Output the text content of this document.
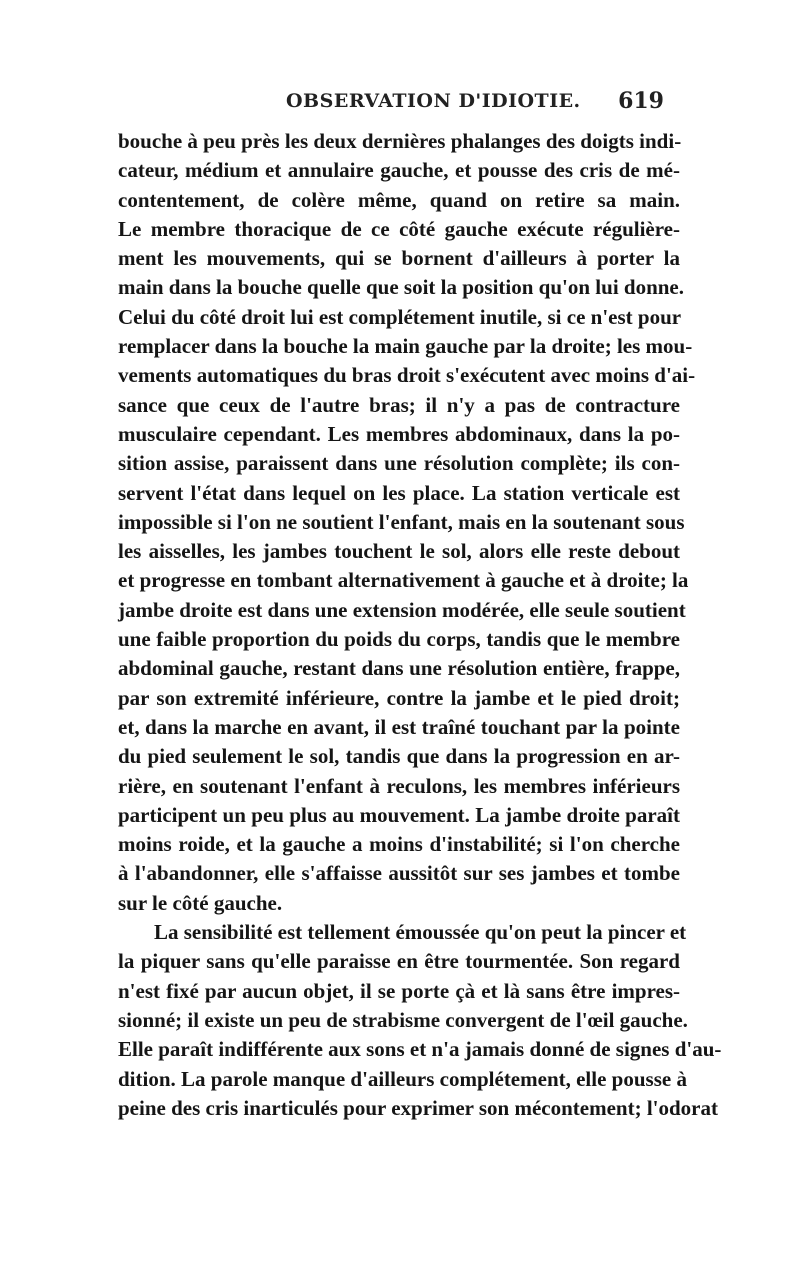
OBSERVATION D'IDIOTIE. 619
bouche à peu près les deux dernières phalanges des doigts indi-
cateur, médium et annulaire gauche, et pousse des cris de mé-
contentement, de colère même, quand on retire sa main.
Le membre thoracique de ce côté gauche exécute régulière-
ment les mouvements, qui se bornent d'ailleurs à porter la
main dans la bouche quelle que soit la position qu'on lui donne.
Celui du côté droit lui est complétement inutile, si ce n'est pour
remplacer dans la bouche la main gauche par la droite; les mou-
vements automatiques du bras droit s'exécutent avec moins d'ai-
sance que ceux de l'autre bras; il n'y a pas de contracture
musculaire cependant. Les membres abdominaux, dans la po-
sition assise, paraissent dans une résolution complète; ils con-
servent l'état dans lequel on les place. La station verticale est
impossible si l'on ne soutient l'enfant, mais en la soutenant sous
les aisselles, les jambes touchent le sol, alors elle reste debout
et progresse en tombant alternativement à gauche et à droite; la
jambe droite est dans une extension modérée, elle seule soutient
une faible proportion du poids du corps, tandis que le membre
abdominal gauche, restant dans une résolution entière, frappe,
par son extremité inférieure, contre la jambe et le pied droit;
et, dans la marche en avant, il est traîné touchant par la pointe
du pied seulement le sol, tandis que dans la progression en ar-
rière, en soutenant l'enfant à reculons, les membres inférieurs
participent un peu plus au mouvement. La jambe droite paraît
moins roide, et la gauche a moins d'instabilité; si l'on cherche
à l'abandonner, elle s'affaisse aussitôt sur ses jambes et tombe
sur le côté gauche.
La sensibilité est tellement émoussée qu'on peut la pincer et
la piquer sans qu'elle paraisse en être tourmentée. Son regard
n'est fixé par aucun objet, il se porte çà et là sans être impres-
sionné; il existe un peu de strabisme convergent de l'œil gauche.
Elle paraît indifférente aux sons et n'a jamais donné de signes d'au-
dition. La parole manque d'ailleurs complétement, elle pousse à
peine des cris inarticulés pour exprimer son mécontement; l'odorat
